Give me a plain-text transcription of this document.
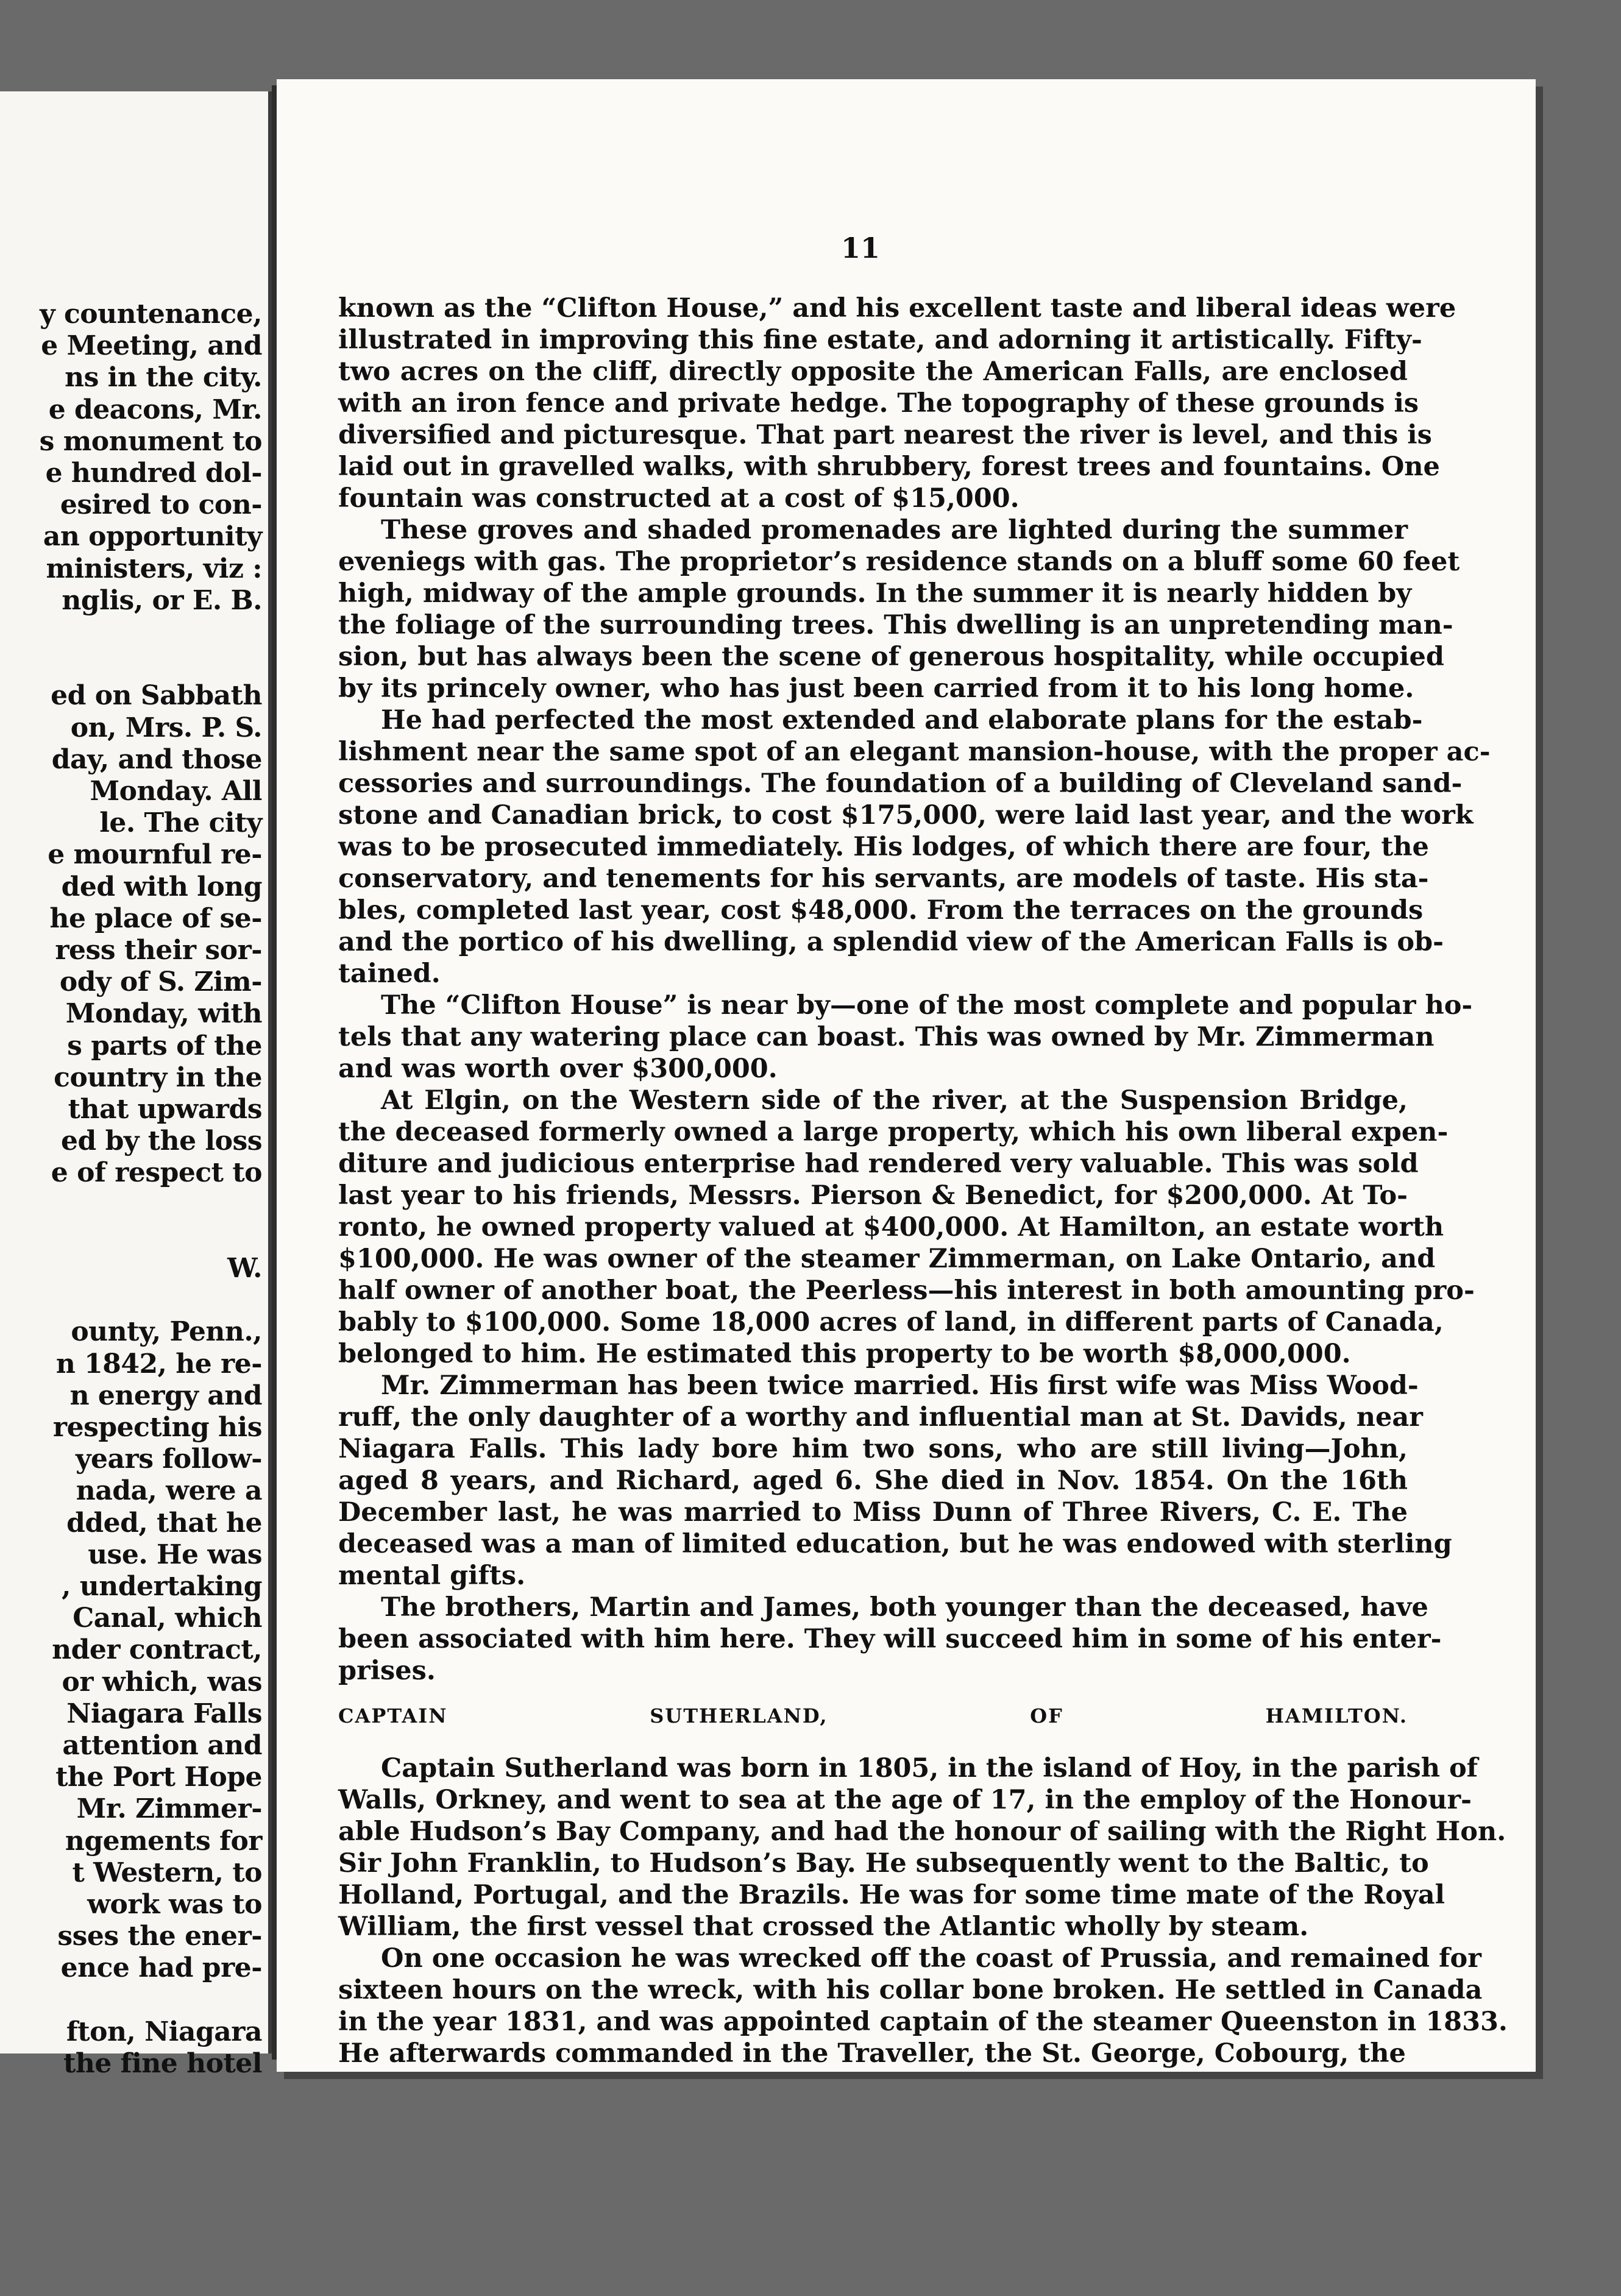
y countenance,
e Meeting, and
ns in the city.
e deacons, Mr.
s monument to
e hundred dol-
esired to con-
an opportunity
ministers, viz :
nglis, or E. B.
ed on Sabbath
on, Mrs. P. S.
day, and those
Monday. All
le. The city
e mournful re-
ded with long
he place of se-
ress their sor-
ody of S. Zim-
Monday, with
s parts of the
country in the
that upwards
ed by the loss
e of respect to
W.
ounty, Penn.,
n 1842, he re-
n energy and
respecting his
years follow-
nada, were a
dded, that he
use. He was
, undertaking
Canal, which
nder contract,
or which, was
Niagara Falls
attention and
the Port Hope
Mr. Zimmer-
ngements for
t Western, to
work was to
sses the ener-
ence had pre-
fton, Niagara
the fine hotel
11
known as the “Clifton House,” and his excellent taste and liberal ideas were
illustrated in improving this fine estate, and adorning it artistically. Fifty-
two acres on the cliff, directly opposite the American Falls, are enclosed
with an iron fence and private hedge. The topography of these grounds is
diversified and picturesque. That part nearest the river is level, and this is
laid out in gravelled walks, with shrubbery, forest trees and fountains. One
fountain was constructed at a cost of $15,000.
These groves and shaded promenades are lighted during the summer
eveniegs with gas. The proprietor’s residence stands on a bluff some 60 feet
high, midway of the ample grounds. In the summer it is nearly hidden by
the foliage of the surrounding trees. This dwelling is an unpretending man-
sion, but has always been the scene of generous hospitality, while occupied
by its princely owner, who has just been carried from it to his long home.
He had perfected the most extended and elaborate plans for the estab-
lishment near the same spot of an elegant mansion-house, with the proper ac-
cessories and surroundings. The foundation of a building of Cleveland sand-
stone and Canadian brick, to cost $175,000, were laid last year, and the work
was to be prosecuted immediately. His lodges, of which there are four, the
conservatory, and tenements for his servants, are models of taste. His sta-
bles, completed last year, cost $48,000. From the terraces on the grounds
and the portico of his dwelling, a splendid view of the American Falls is ob-
tained.
The “Clifton House” is near by—one of the most complete and popular ho-
tels that any watering place can boast. This was owned by Mr. Zimmerman
and was worth over $300,000.
At Elgin, on the Western side of the river, at the Suspension Bridge,
the deceased formerly owned a large property, which his own liberal expen-
diture and judicious enterprise had rendered very valuable. This was sold
last year to his friends, Messrs. Pierson & Benedict, for $200,000. At To-
ronto, he owned property valued at $400,000. At Hamilton, an estate worth
$100,000. He was owner of the steamer Zimmerman, on Lake Ontario, and
half owner of another boat, the Peerless—his interest in both amounting pro-
bably to $100,000. Some 18,000 acres of land, in different parts of Canada,
belonged to him. He estimated this property to be worth $8,000,000.
Mr. Zimmerman has been twice married. His first wife was Miss Wood-
ruff, the only daughter of a worthy and influential man at St. Davids, near
Niagara Falls. This lady bore him two sons, who are still living—John,
aged 8 years, and Richard, aged 6. She died in Nov. 1854. On the 16th
December last, he was married to Miss Dunn of Three Rivers, C. E. The
deceased was a man of limited education, but he was endowed with sterling
mental gifts.
The brothers, Martin and James, both younger than the deceased, have
been associated with him here. They will succeed him in some of his enter-
prises.
CAPTAIN SUTHERLAND, OF HAMILTON.
Captain Sutherland was born in 1805, in the island of Hoy, in the parish of
Walls, Orkney, and went to sea at the age of 17, in the employ of the Honour-
able Hudson’s Bay Company, and had the honour of sailing with the Right Hon.
Sir John Franklin, to Hudson’s Bay. He subsequently went to the Baltic, to
Holland, Portugal, and the Brazils. He was for some time mate of the Royal
William, the first vessel that crossed the Atlantic wholly by steam.
On one occasion he was wrecked off the coast of Prussia, and remained for
sixteen hours on the wreck, with his collar bone broken. He settled in Canada
in the year 1831, and was appointed captain of the steamer Queenston in 1833.
He afterwards commanded in the Traveller, the St. George, Cobourg, the
